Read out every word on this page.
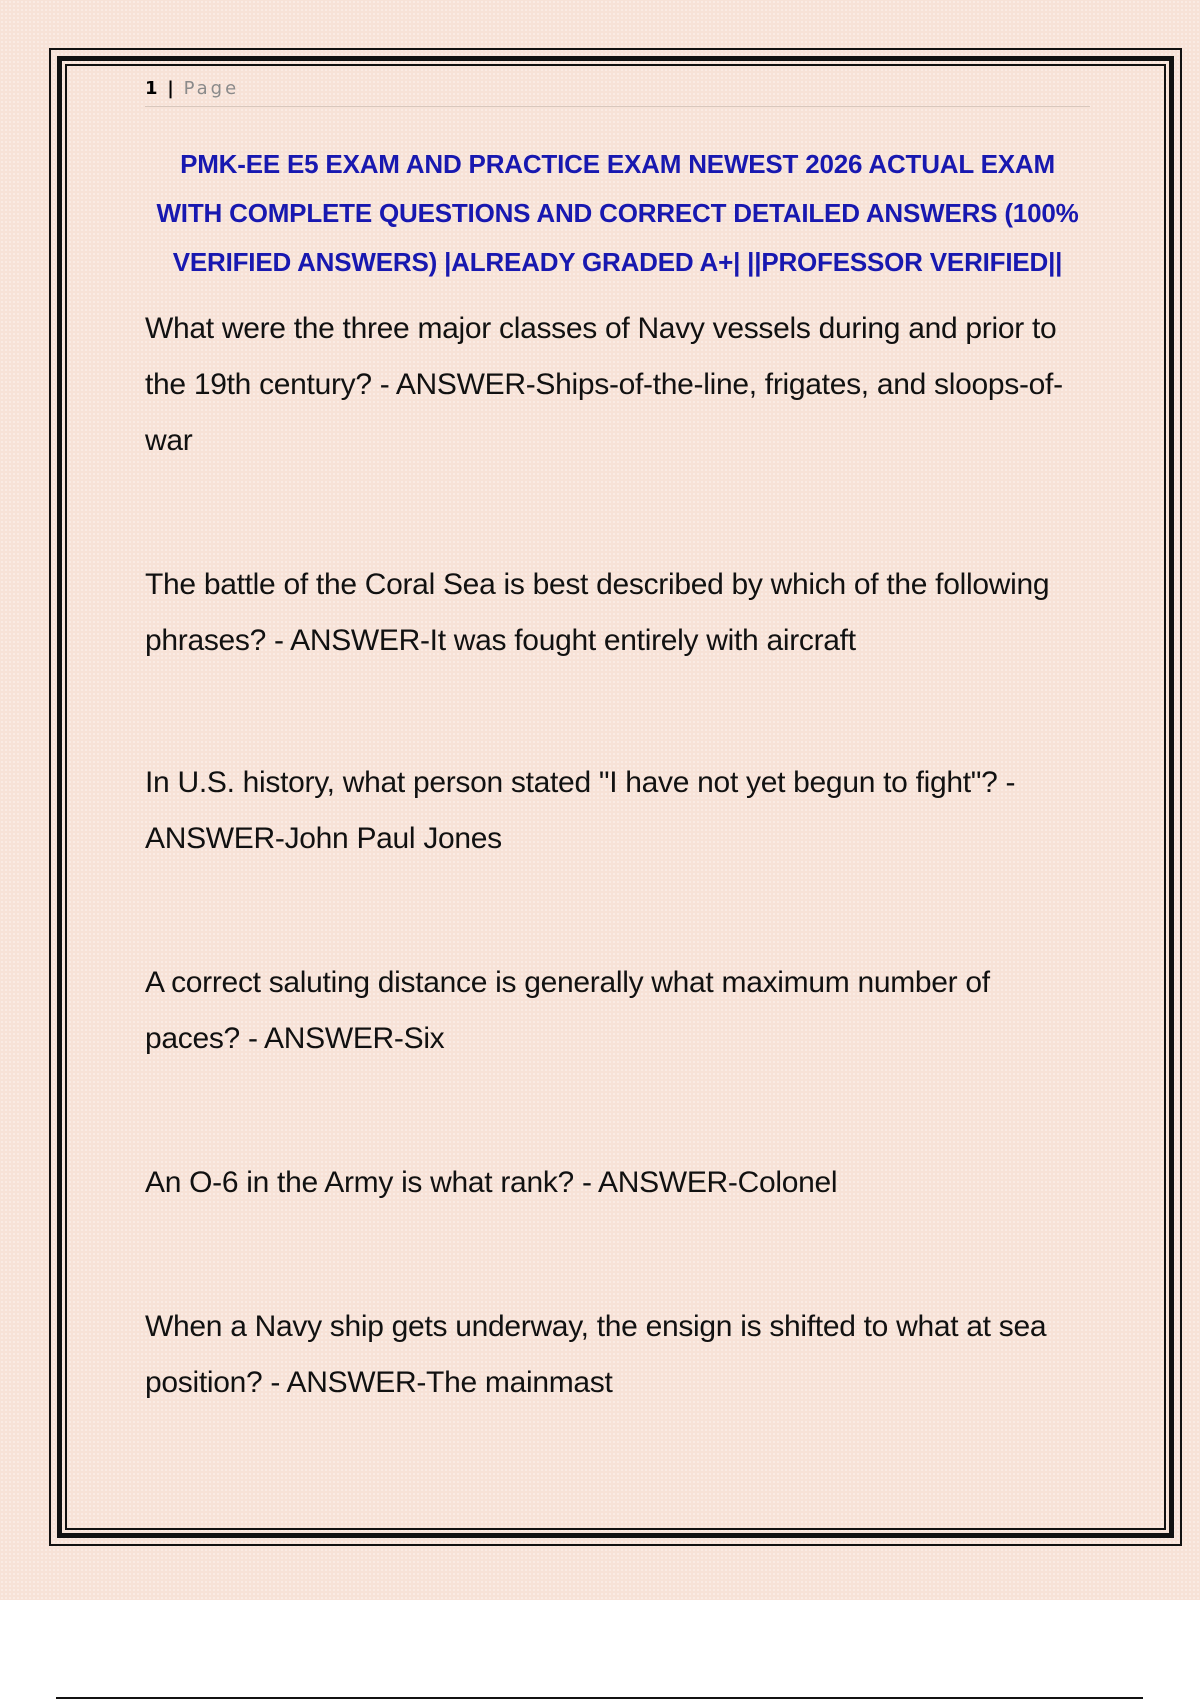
1 | Page
PMK-EE E5 EXAM AND PRACTICE EXAM NEWEST 2026 ACTUAL EXAM WITH COMPLETE QUESTIONS AND CORRECT DETAILED ANSWERS (100% VERIFIED ANSWERS) |ALREADY GRADED A+| ||PROFESSOR VERIFIED||

What were the three major classes of Navy vessels during and prior to the 19th century? - ANSWER-Ships-of-the-line, frigates, and sloops-of-war

The battle of the Coral Sea is best described by which of the following phrases? - ANSWER-It was fought entirely with aircraft

In U.S. history, what person stated "I have not yet begun to fight"? - ANSWER-John Paul Jones

A correct saluting distance is generally what maximum number of paces? - ANSWER-Six

An O-6 in the Army is what rank? - ANSWER-Colonel

When a Navy ship gets underway, the ensign is shifted to what at sea position? - ANSWER-The mainmast
